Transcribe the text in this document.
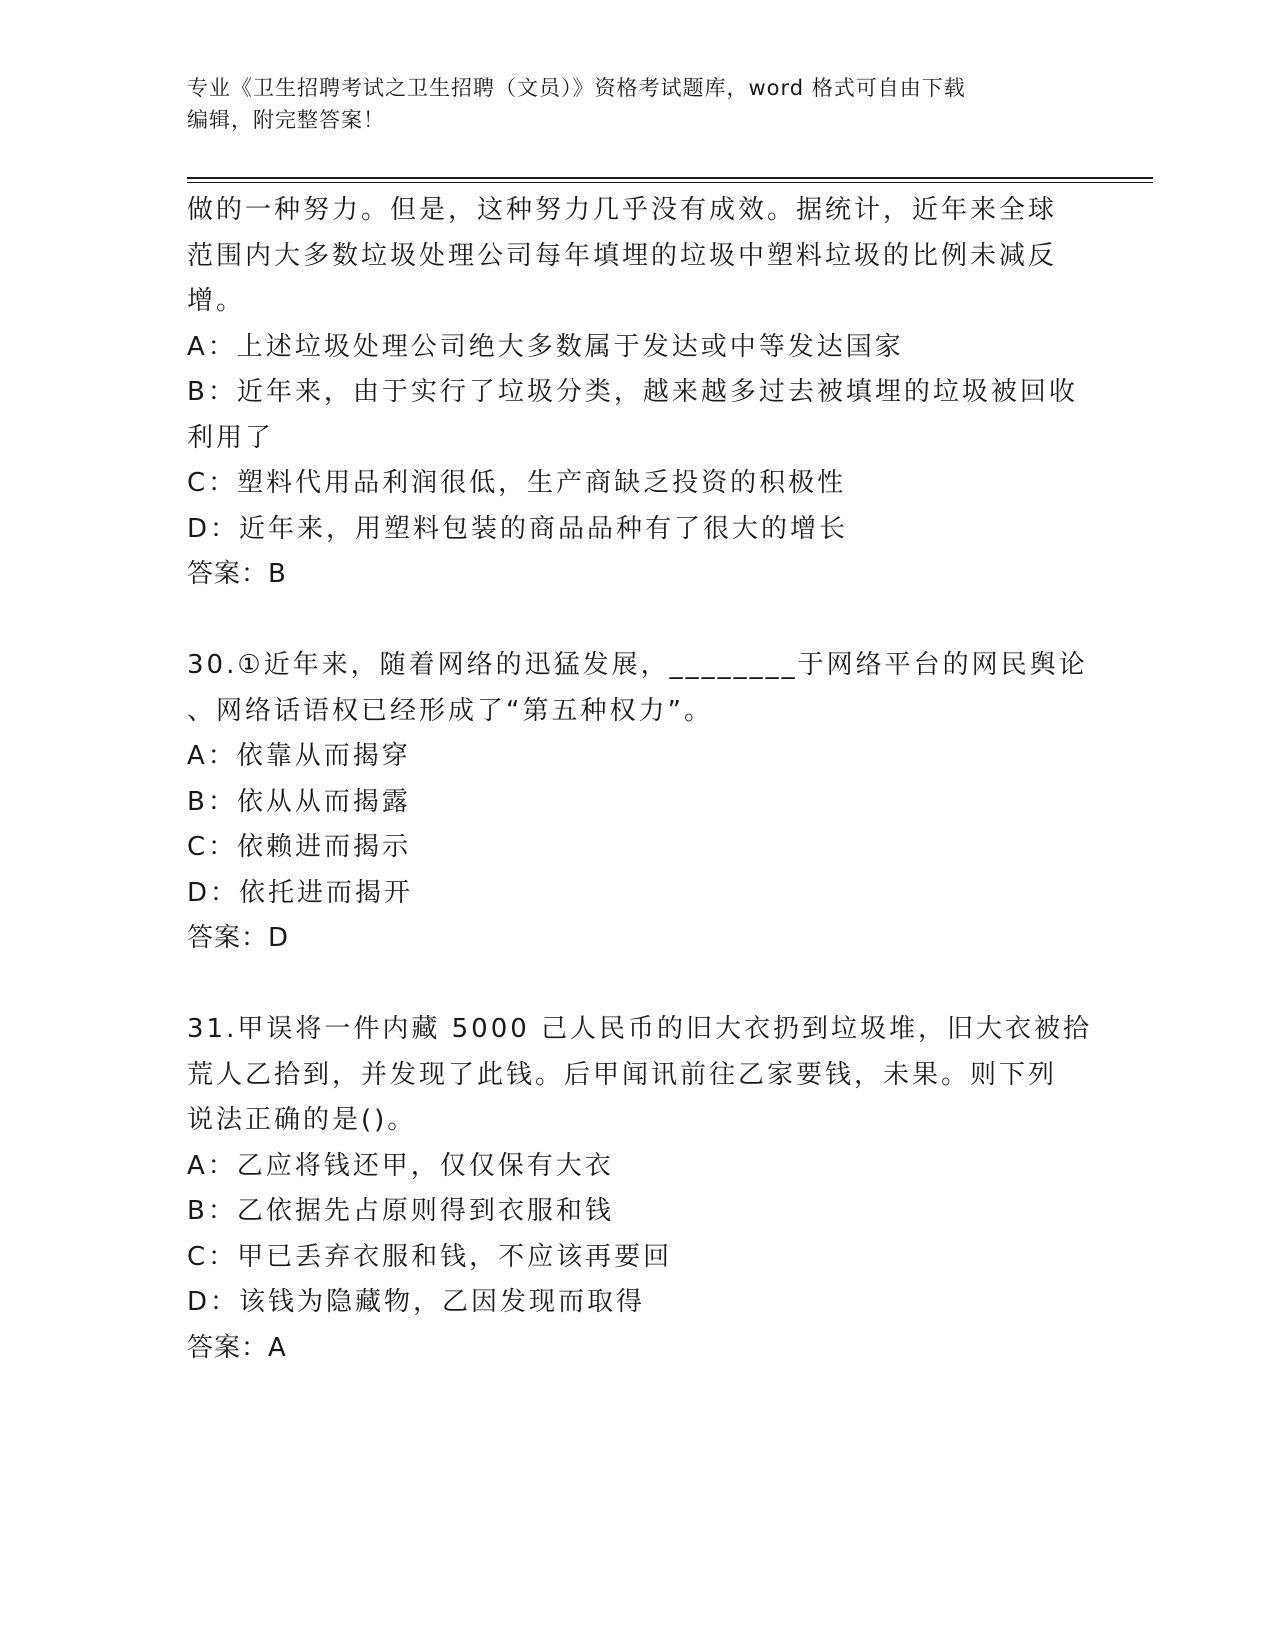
专业《卫生招聘考试之卫生招聘（文员）》资格考试题库，word 格式可自由下载
编辑，附完整答案！
做的一种努力。但是，这种努力几乎没有成效。据统计，近年来全球
范围内大多数垃圾处理公司每年填埋的垃圾中塑料垃圾的比例未减反
增。
A：上述垃圾处理公司绝大多数属于发达或中等发达国家
B：近年来，由于实行了垃圾分类，越来越多过去被填埋的垃圾被回收
利用了
C：塑料代用品利润很低，生产商缺乏投资的积极性
D：近年来，用塑料包装的商品品种有了很大的增长
答案：B
30.①近年来，随着网络的迅猛发展，________于网络平台的网民舆论
、网络话语权已经形成了“第五种权力”。
A：依靠从而揭穿
B：依从从而揭露
C：依赖进而揭示
D：依托进而揭开
答案：D
31.甲误将一件内藏 5000 己人民币的旧大衣扔到垃圾堆，旧大衣被拾
荒人乙拾到，并发现了此钱。后甲闻讯前往乙家要钱，未果。则下列
说法正确的是()。
A：乙应将钱还甲，仅仅保有大衣
B：乙依据先占原则得到衣服和钱
C：甲已丢弃衣服和钱，不应该再要回
D：该钱为隐藏物，乙因发现而取得
答案：A
